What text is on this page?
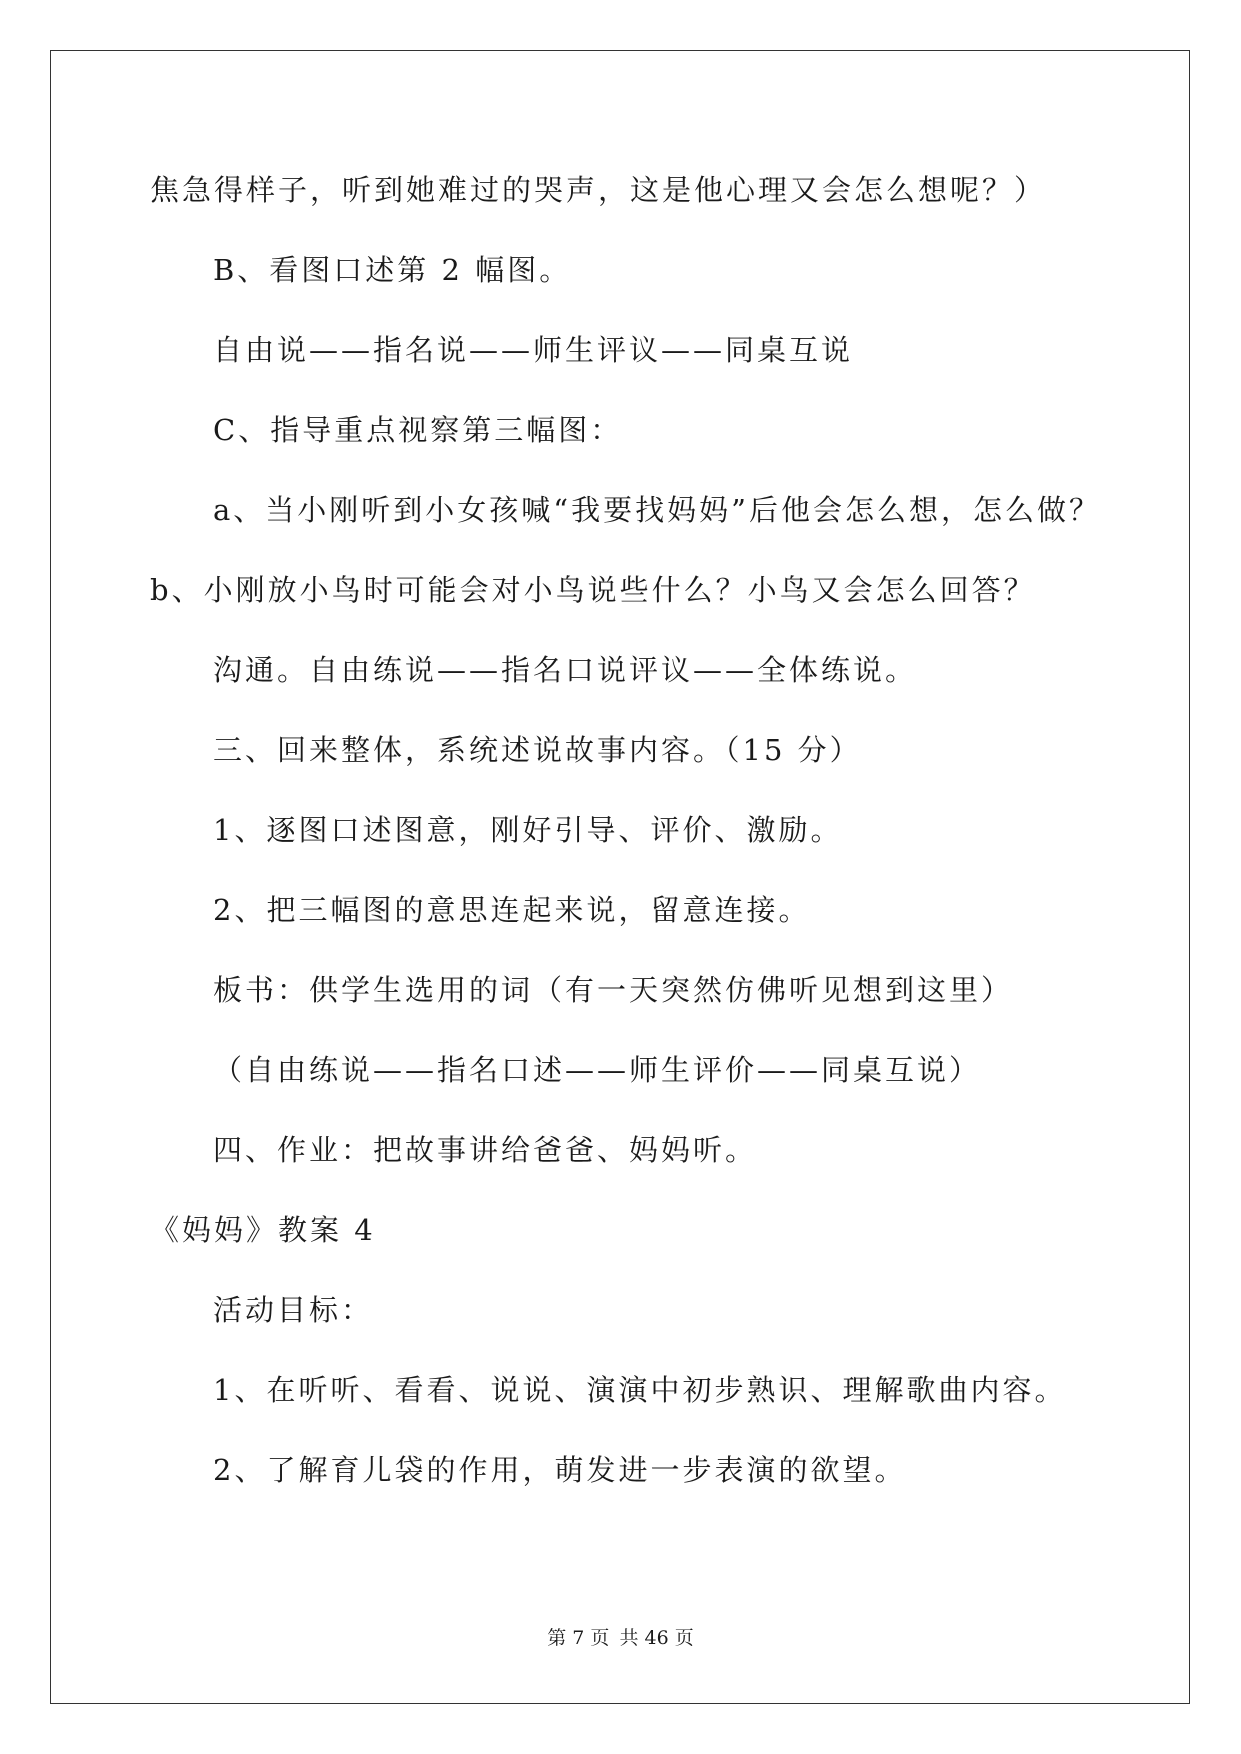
焦急得样子，听到她难过的哭声，这是他心理又会怎么想呢？）
B、看图口述第 2 幅图。
自由说——指名说——师生评议——同桌互说
C、指导重点视察第三幅图：
a、当小刚听到小女孩喊“我要找妈妈”后他会怎么想，怎么做？
b、小刚放小鸟时可能会对小鸟说些什么？小鸟又会怎么回答？
沟通。自由练说——指名口说评议——全体练说。
三、回来整体，系统述说故事内容。（15 分）
1、逐图口述图意，刚好引导、评价、激励。
2、把三幅图的意思连起来说，留意连接。
板书：供学生选用的词（有一天突然仿佛听见想到这里）
（自由练说——指名口述——师生评价——同桌互说）
四、作业：把故事讲给爸爸、妈妈听。
《妈妈》教案 4
活动目标：
1、在听听、看看、说说、演演中初步熟识、理解歌曲内容。
2、了解育儿袋的作用，萌发进一步表演的欲望。
第 7 页 共 46 页
